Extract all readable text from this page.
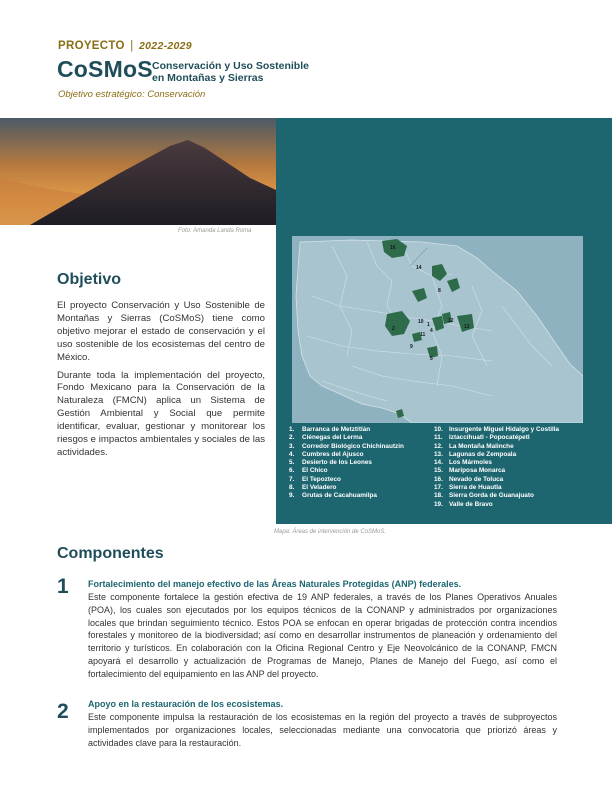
PROYECTO | 2022-2029
CoSMoS Conservación y Uso Sostenible
en Montañas y Sierras
Objetivo estratégico: Conservación
Foto: Amanda Landa Roma
16
14
8
10 1
2	4
11
13
12
9
5
1. Barranca de Metztitlán
2. Ciénegas del Lerma
3. Corredor Biológico Chichinautzin
4. Cumbres del Ajusco
5. Desierto de los Leones
6. El Chico
7. El Tepozteco
8. El Veladero
9. Grutas de Cacahuamilpa
10. Insurgente Miguel Hidalgo y Costilla
11. Iztaccíhuatl - Popocatépetl
12. La Montaña Malinche
13. Lagunas de Zempoala
14. Los Mármoles
15. Mariposa Monarca
16. Nevado de Toluca
17. Sierra de Huautla
18. Sierra Gorda de Guanajuato
19. Valle de Bravo
Mapa: Áreas de intervención de CoSMoS.
Objetivo

El proyecto Conservación y Uso Sostenible de Montañas y Sierras (CoSMoS) tiene como objetivo mejorar el estado de conservación y el uso sostenible de los ecosistemas del centro de México.

Durante toda la implementación del proyecto, Fondo Mexicano para la Conservación de la Naturaleza (FMCN) aplica un Sistema de Gestión Ambiental y Social que permite identificar, evaluar, gestionar y monitorear los riesgos e impactos ambientales y sociales de las actividades.

Componentes
1 Fortalecimiento del manejo efectivo de las Áreas Naturales Protegidas (ANP) federales.
Este componente fortalece la gestión efectiva de 19 ANP federales, a través de los Planes Operativos Anuales (POA), los cuales son ejecutados por los equipos técnicos de la CONANP y administrados por organizaciones locales que brindan seguimiento técnico. Estos POA se enfocan en operar brigadas de protección contra incendios forestales y monitoreo de la biodiversidad; así como en desarrollar instrumentos de planeación y ordenamiento del territorio y turísticos. En colaboración con la Oficina Regional Centro y Eje Neovolcánico de la CONANP, FMCN apoyará el desarrollo y actualización de Programas de Manejo, Planes de Manejo del Fuego, así como el fortalecimiento del equipamiento en las ANP del proyecto.
2 Apoyo en la restauración de los ecosistemas.
Este componente impulsa la restauración de los ecosistemas en la región del proyecto a través de subproyectos implementados por organizaciones locales, seleccionadas mediante una convocatoria que priorizó áreas y actividades clave para la restauración.
